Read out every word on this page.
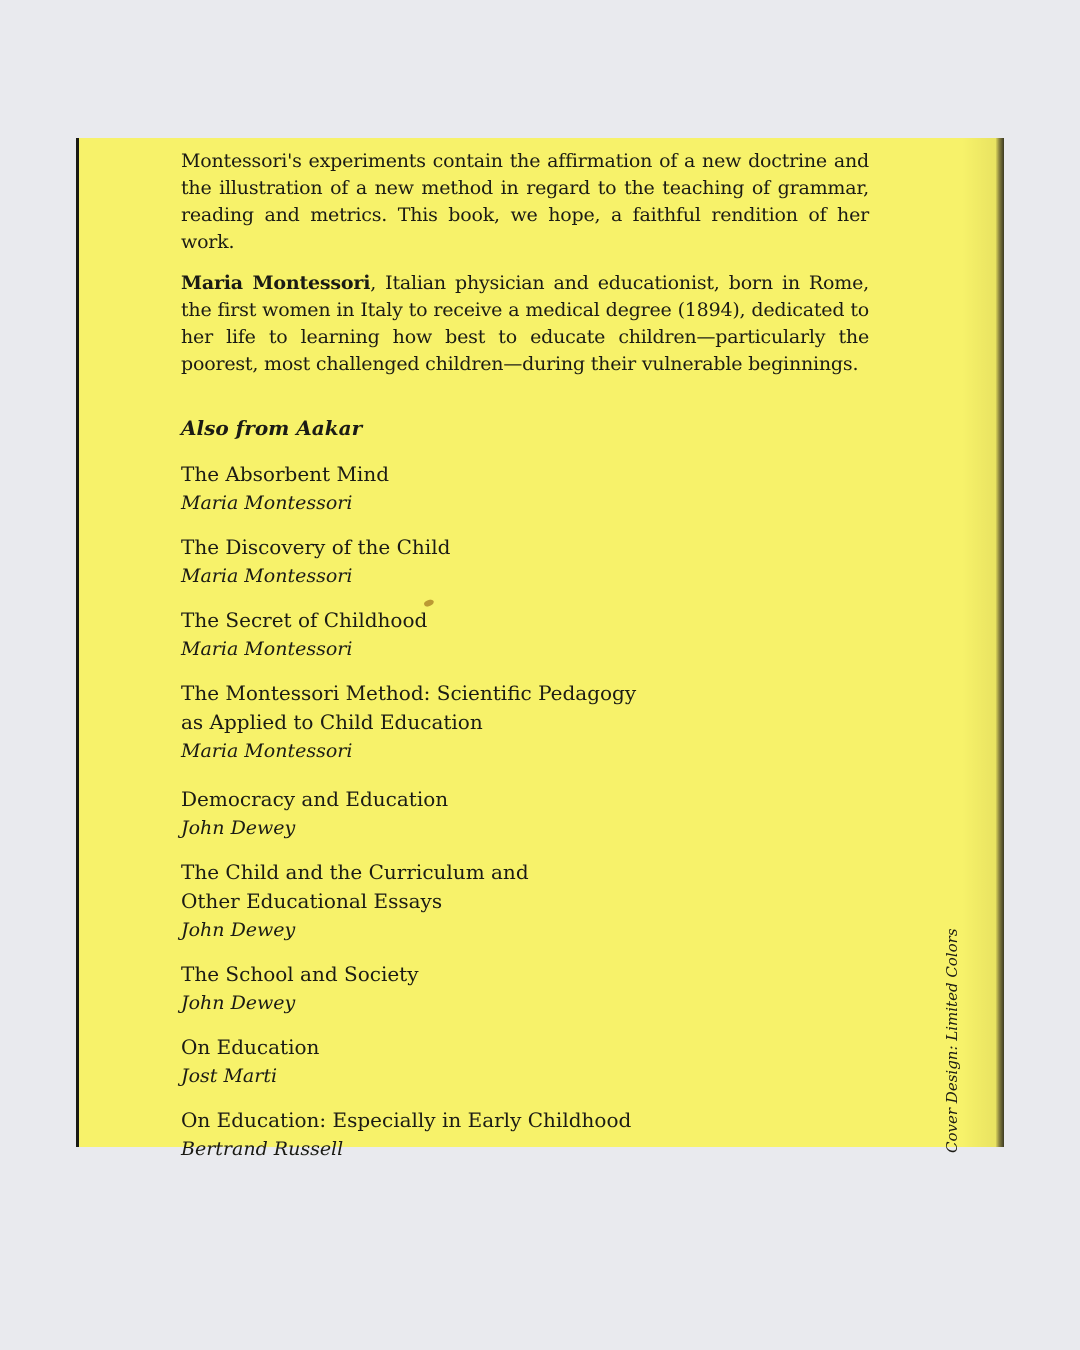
Montessori's experiments contain the affirmation of a new doctrine and the illustration of a new method in regard to the teaching of grammar, reading and metrics. This book, we hope, a faithful rendition of her work.

Maria Montessori, Italian physician and educationist, born in Rome, the first women in Italy to receive a medical degree (1894), dedicated to her life to learning how best to educate children—particularly the poorest, most challenged children—during their vulnerable beginnings.

Also from Aakar
The Absorbent Mind
Maria Montessori
The Discovery of the Child
Maria Montessori
The Secret of Childhood
Maria Montessori
The Montessori Method: Scientific Pedagogy as Applied to Child Education
Maria Montessori
Democracy and Education
John Dewey
The Child and the Curriculum and Other Educational Essays
John Dewey
The School and Society
John Dewey
On Education
Jost Marti
On Education: Especially in Early Childhood
Bertrand Russell	Cover Design: Limited Colors
